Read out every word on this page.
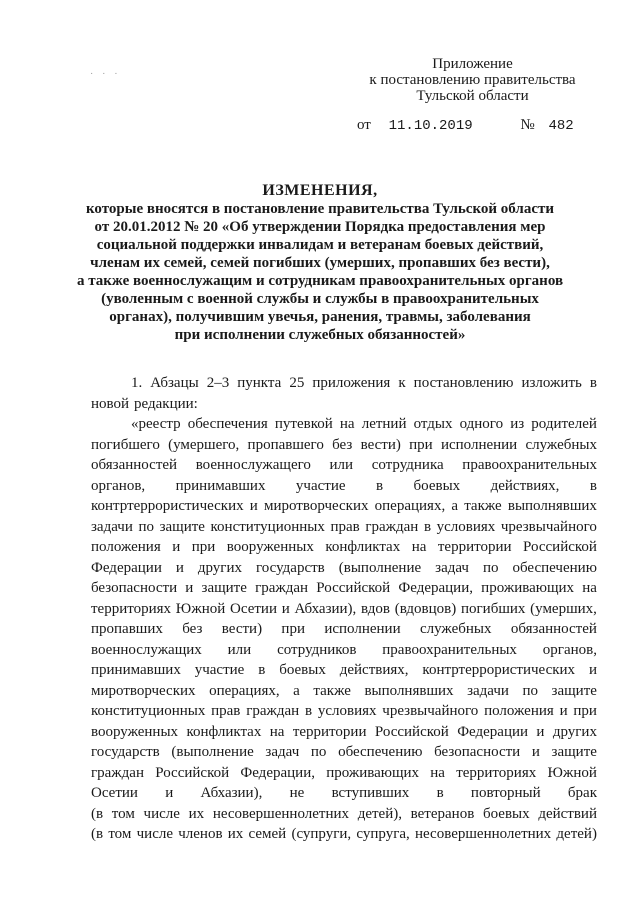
· · ·
Приложение
к постановлению правительства
Тульской области
от 11.10.2019	№ 482
ИЗМЕНЕНИЯ,
которые вносятся в постановление правительства Тульской области
от 20.01.2012 № 20 «Об утверждении Порядка предоставления мер
социальной поддержки инвалидам и ветеранам боевых действий,
членам их семей, семей погибших (умерших, пропавших без вести),
а также военнослужащим и сотрудникам правоохранительных органов
(уволенным с военной службы и службы в правоохранительных
органах), получившим увечья, ранения, травмы, заболевания
при исполнении служебных обязанностей»
1. Абзацы 2–3 пункта 25 приложения к постановлению изложить в
новой редакции:
«реестр обеспечения путевкой на летний отдых одного из родителей
погибшего (умершего, пропавшего без вести) при исполнении служебных
обязанностей военнослужащего или сотрудника правоохранительных
органов, принимавших участие в боевых действиях, в
контртеррористических и миротворческих операциях, а также выполнявших
задачи по защите конституционных прав граждан в условиях чрезвычайного
положения и при вооруженных конфликтах на территории Российской
Федерации и других государств (выполнение задач по обеспечению
безопасности и защите граждан Российской Федерации, проживающих на
территориях Южной Осетии и Абхазии), вдов (вдовцов) погибших (умерших,
пропавших без вести) при исполнении служебных обязанностей
военнослужащих или сотрудников правоохранительных органов,
принимавших участие в боевых действиях, контртеррористических и
миротворческих операциях, а также выполнявших задачи по защите
конституционных прав граждан в условиях чрезвычайного положения и при
вооруженных конфликтах на территории Российской Федерации и других
государств (выполнение задач по обеспечению безопасности и защите
граждан Российской Федерации, проживающих на территориях Южной
Осетии и Абхазии), не вступивших в повторный брак
(в том числе их несовершеннолетних детей), ветеранов боевых действий
(в том числе членов их семей (супруги, супруга, несовершеннолетних детей)
